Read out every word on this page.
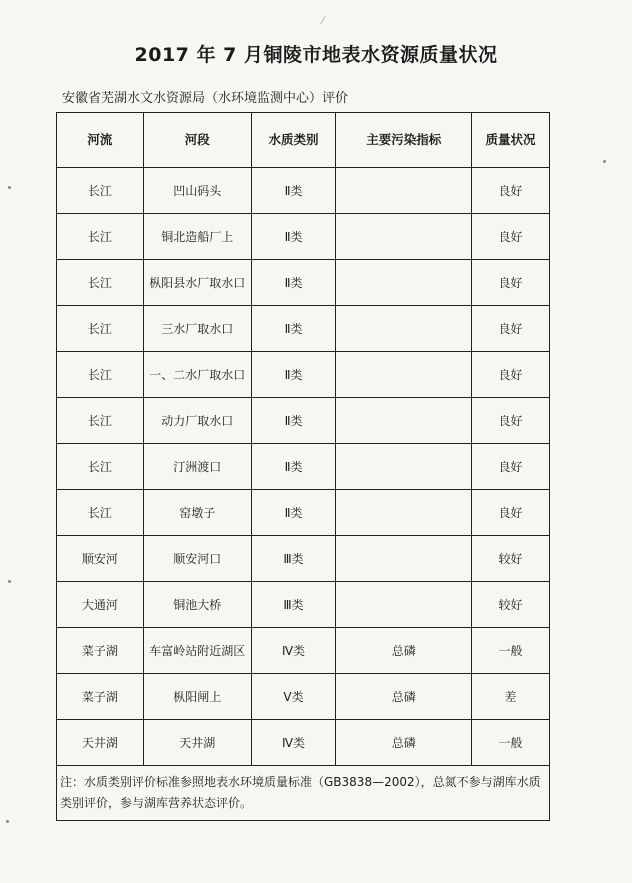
⁄
2017 年 7 月铜陵市地表水资源质量状况
安徽省芜湖水文水资源局（水环境监测中心）评价
河流	河段	水质类别	主要污染指标	质量状况
长江	凹山码头	Ⅱ类		良好
长江	铜北造船厂上	Ⅱ类		良好
长江	枞阳县水厂取水口	Ⅱ类		良好
长江	三水厂取水口	Ⅱ类		良好
长江	一、二水厂取水口	Ⅱ类		良好
长江	动力厂取水口	Ⅱ类		良好
长江	汀洲渡口	Ⅱ类		良好
长江	窑墩子	Ⅱ类		良好
顺安河	顺安河口	Ⅲ类		较好
大通河	铜池大桥	Ⅲ类		较好
菜子湖	车富岭站附近湖区	Ⅳ类	总磷	一般
菜子湖	枞阳闸上	Ⅴ类	总磷	差
天井湖	天井湖	Ⅳ类	总磷	一般
注：水质类别评价标准参照地表水环境质量标准（GB3838—2002），总氮不参与湖库水质类别评价，参与湖库营养状态评价。
